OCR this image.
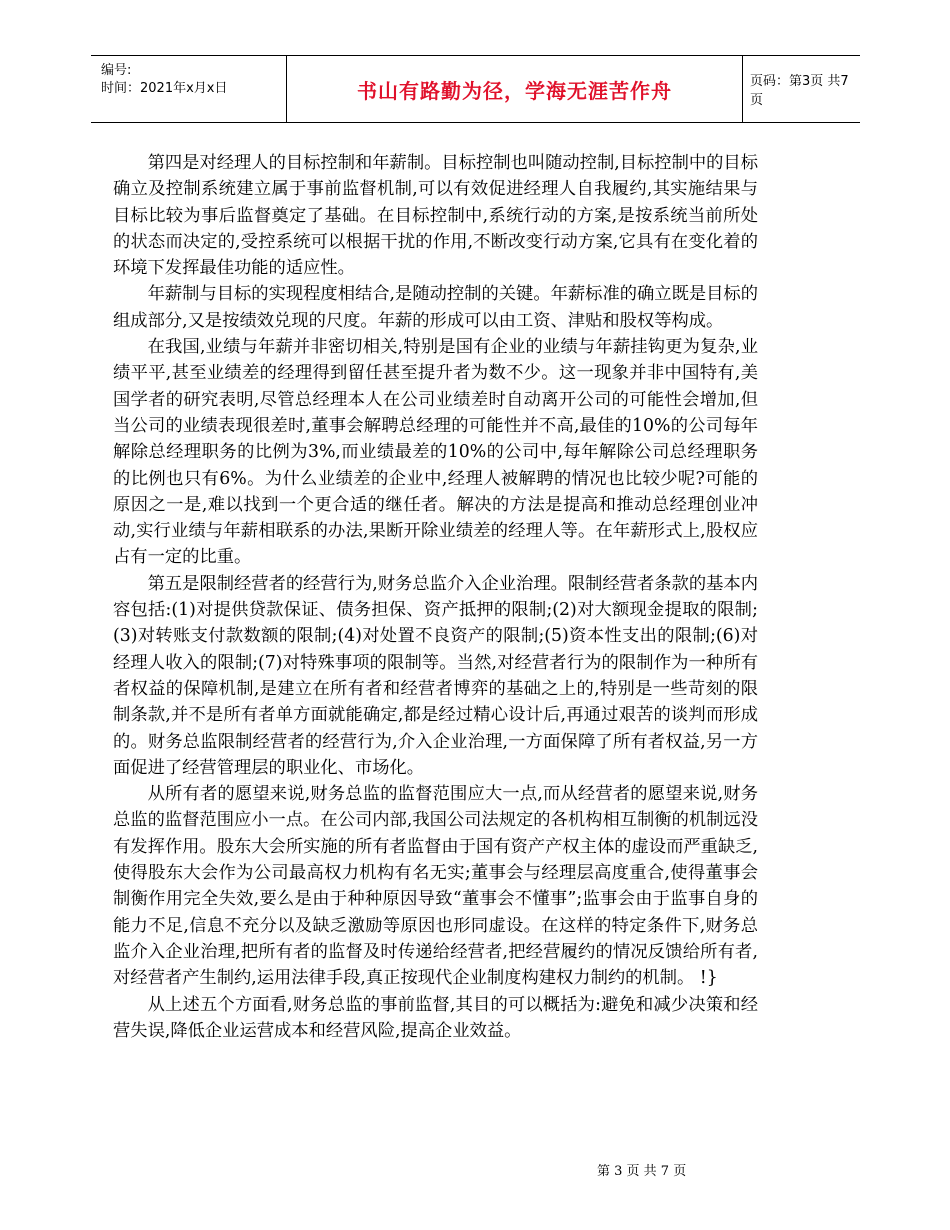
编号:
时间：2021年x月x日	书山有路勤为径，学海无涯苦作舟	页码：第3页 共7页

第四是对经理人的目标控制和年薪制。目标控制也叫随动控制,目标控制中的目标确立及控制系统建立属于事前监督机制,可以有效促进经理人自我履约,其实施结果与目标比较为事后监督奠定了基础。在目标控制中,系统行动的方案,是按系统当前所处的状态而决定的,受控系统可以根据干扰的作用,不断改变行动方案,它具有在变化着的环境下发挥最佳功能的适应性。

年薪制与目标的实现程度相结合,是随动控制的关键。年薪标准的确立既是目标的组成部分,又是按绩效兑现的尺度。年薪的形成可以由工资、津贴和股权等构成。

在我国,业绩与年薪并非密切相关,特别是国有企业的业绩与年薪挂钩更为复杂,业绩平平,甚至业绩差的经理得到留任甚至提升者为数不少。这一现象并非中国特有,美国学者的研究表明,尽管总经理本人在公司业绩差时自动离开公司的可能性会增加,但当公司的业绩表现很差时,董事会解聘总经理的可能性并不高,最佳的10%的公司每年解除总经理职务的比例为3%,而业绩最差的10%的公司中,每年解除公司总经理职务的比例也只有6%。为什么业绩差的企业中,经理人被解聘的情况也比较少呢?可能的原因之一是,难以找到一个更合适的继任者。解决的方法是提高和推动总经理创业冲动,实行业绩与年薪相联系的办法,果断开除业绩差的经理人等。在年薪形式上,股权应占有一定的比重。

第五是限制经营者的经营行为,财务总监介入企业治理。限制经营者条款的基本内容包括:(1)对提供贷款保证、债务担保、资产抵押的限制;(2)对大额现金提取的限制;(3)对转账支付款数额的限制;(4)对处置不良资产的限制;(5)资本性支出的限制;(6)对经理人收入的限制;(7)对特殊事项的限制等。当然,对经营者行为的限制作为一种所有者权益的保障机制,是建立在所有者和经营者博弈的基础之上的,特别是一些苛刻的限制条款,并不是所有者单方面就能确定,都是经过精心设计后,再通过艰苦的谈判而形成的。财务总监限制经营者的经营行为,介入企业治理,一方面保障了所有者权益,另一方面促进了经营管理层的职业化、市场化。

从所有者的愿望来说,财务总监的监督范围应大一点,而从经营者的愿望来说,财务总监的监督范围应小一点。在公司内部,我国公司法规定的各机构相互制衡的机制远没有发挥作用。股东大会所实施的所有者监督由于国有资产产权主体的虚设而严重缺乏,使得股东大会作为公司最高权力机构有名无实;董事会与经理层高度重合,使得董事会制衡作用完全失效,要么是由于种种原因导致“董事会不懂事”;监事会由于监事自身的能力不足,信息不充分以及缺乏激励等原因也形同虚设。在这样的特定条件下,财务总监介入企业治理,把所有者的监督及时传递给经营者,把经营履约的情况反馈给所有者,对经营者产生制约,运用法律手段,真正按现代企业制度构建权力制约的机制。 !}

从上述五个方面看,财务总监的事前监督,其目的可以概括为:避免和减少决策和经营失误,降低企业运营成本和经营风险,提高企业效益。

第 3 页 共 7 页
